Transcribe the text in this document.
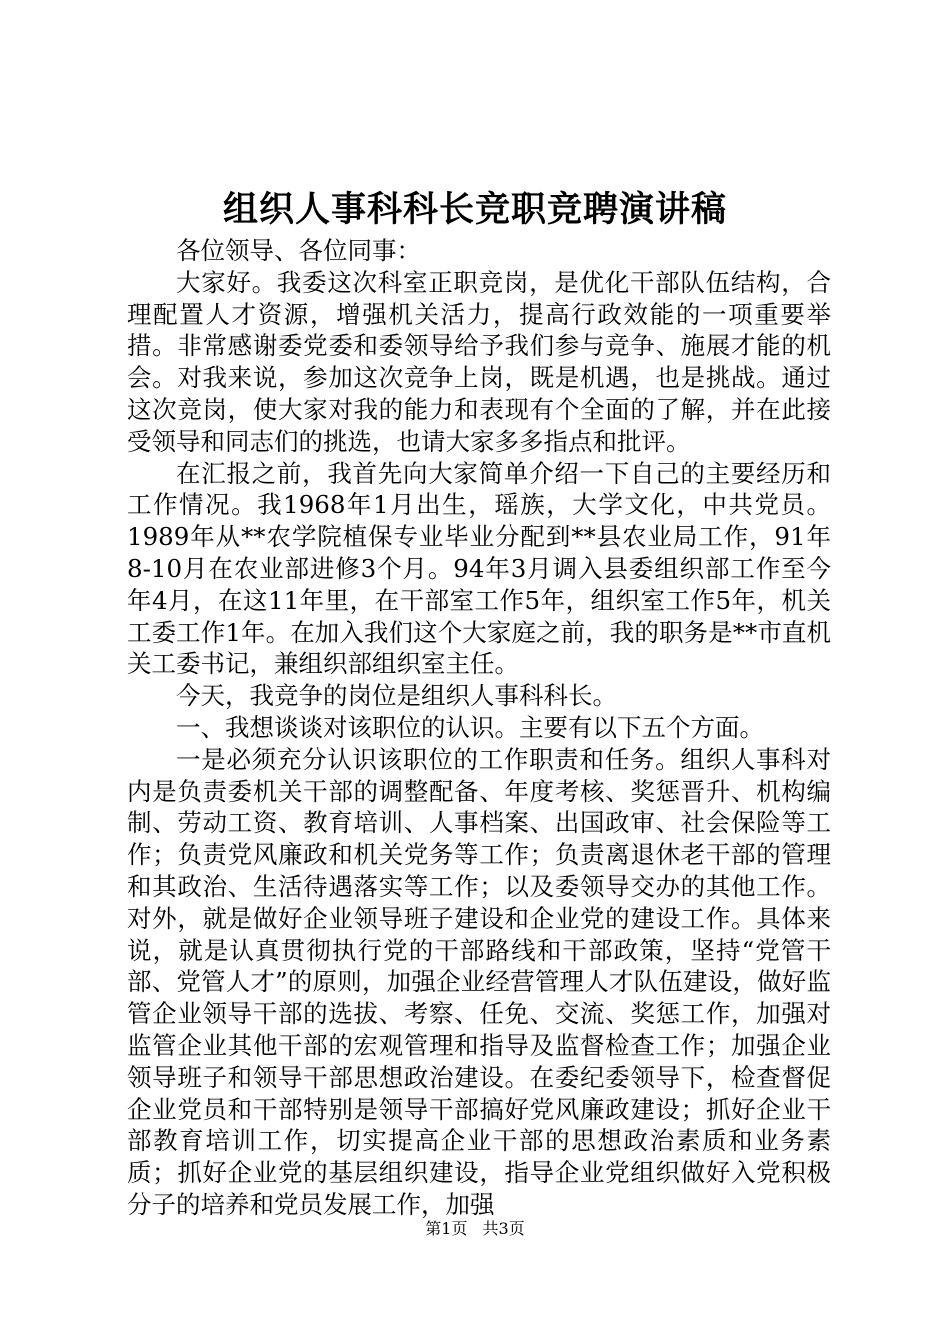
组织人事科科长竞职竞聘演讲稿

各位领导、各位同事：

大家好。我委这次科室正职竞岗，是优化干部队伍结构，合理配置人才资源，增强机关活力，提高行政效能的一项重要举措。非常感谢委党委和委领导给予我们参与竞争、施展才能的机会。对我来说，参加这次竞争上岗，既是机遇，也是挑战。通过这次竞岗，使大家对我的能力和表现有个全面的了解，并在此接受领导和同志们的挑选，也请大家多多指点和批评。

在汇报之前，我首先向大家简单介绍一下自己的主要经历和工作情况。我1968年1月出生，瑶族，大学文化，中共党员。1989年从**农学院植保专业毕业分配到**县农业局工作，91年8-10月在农业部进修3个月。94年3月调入县委组织部工作至今年4月，在这11年里，在干部室工作5年，组织室工作5年，机关工委工作1年。在加入我们这个大家庭之前，我的职务是**市直机关工委书记，兼组织部组织室主任。

今天，我竞争的岗位是组织人事科科长。

一、我想谈谈对该职位的认识。主要有以下五个方面。

一是必须充分认识该职位的工作职责和任务。组织人事科对内是负责委机关干部的调整配备、年度考核、奖惩晋升、机构编制、劳动工资、教育培训、人事档案、出国政审、社会保险等工作；负责党风廉政和机关党务等工作；负责离退休老干部的管理和其政治、生活待遇落实等工作；以及委领导交办的其他工作。对外，就是做好企业领导班子建设和企业党的建设工作。具体来说，就是认真贯彻执行党的干部路线和干部政策，坚持“党管干部、党管人才”的原则，加强企业经营管理人才队伍建设，做好监管企业领导干部的选拔、考察、任免、交流、奖惩工作，加强对监管企业其他干部的宏观管理和指导及监督检查工作；加强企业领导班子和领导干部思想政治建设。在委纪委领导下，检查督促企业党员和干部特别是领导干部搞好党风廉政建设；抓好企业干部教育培训工作，切实提高企业干部的思想政治素质和业务素质；抓好企业党的基层组织建设，指导企业党组织做好入党积极分子的培养和党员发展工作，加强

第1页 共3页
